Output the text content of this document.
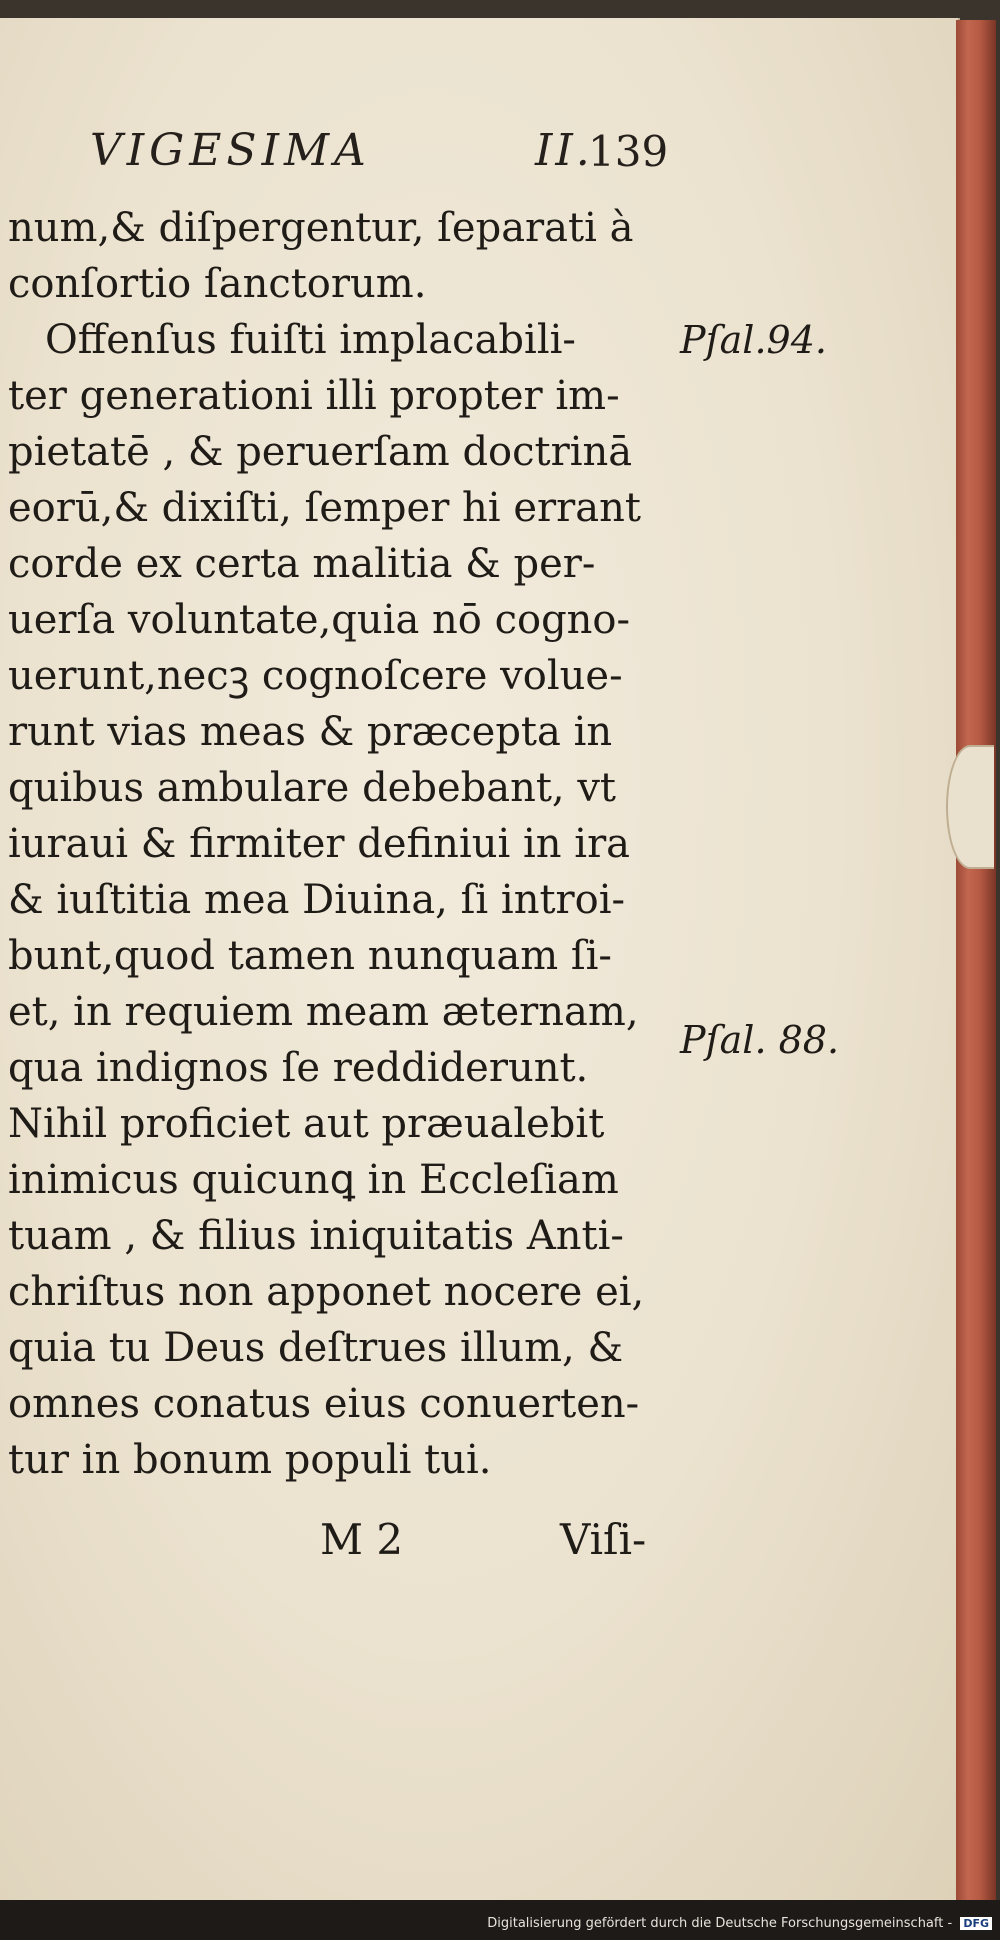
VIGESIMA	II.
139
num,& diſpergentur, ſeparati à
conſortio ſanctorum.
Offenſus fuiſti implacabili-
ter generationi illi propter im-
pietatē , & peruerſam doctrinā
eorū,& dixiſti, ſemper hi errant
corde ex certa malitia & per-
uerſa voluntate,quia nō cogno-
uerunt,necꝫ cognoſcere volue-
runt vias meas & præcepta in
quibus ambulare debebant, vt
iuraui & firmiter definiui in ira
& iuſtitia mea Diuina, ſi introi-
bunt,quod tamen nunquam ſi-
et, in requiem meam æternam,
qua indignos ſe reddiderunt.
Nihil proficiet aut præualebit
inimicus quicunꝗ in Eccleſiam
tuam , & filius iniquitatis Anti-
chriſtus non apponet nocere ei,
quia tu Deus deſtrues illum, &
omnes conatus eius conuerten-
tur in bonum populi tui.
Pſal.94.
Pſal. 88.
M 2	Viſi-
Digitalisierung gefördert durch die Deutsche Forschungsgemeinschaft - DFG
